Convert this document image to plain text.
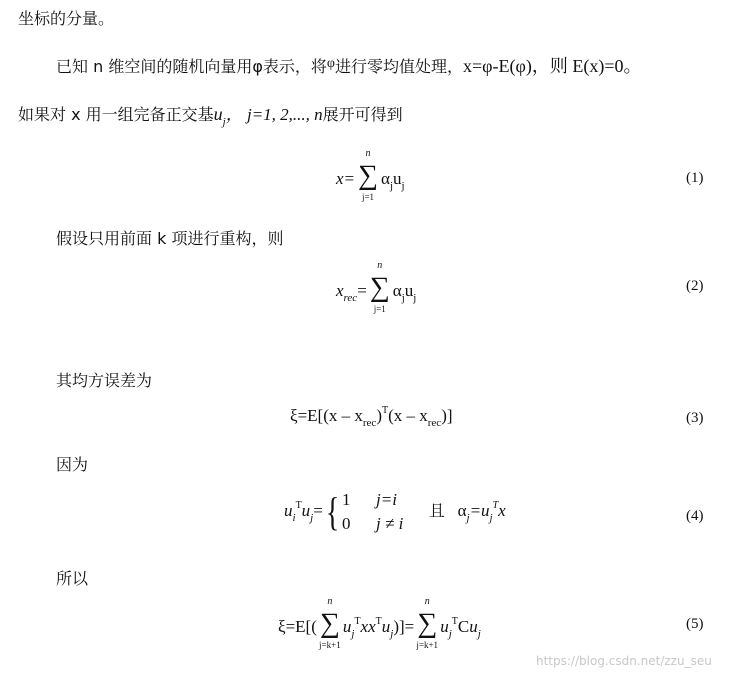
坐标的分量。
已知 n 维空间的随机向量用φ表示，将φ进行零均值处理，x=φ-E(φ)，则 E(x)=0。
如果对 x 用一组完备正交基$u_j$， j=1, 2,..., n展开可得到
x=
n
∑
j=1
$\alpha_ju_j$	(1)
假设只用前面 k 项进行重构，则
$x_{rec}=$
n
∑
j=1
$\alpha_ju_j$
(2)
其均方误差为
$\xi=E[(x - x_{rec})^T(x - x_{rec})]$	(3)
因为
$u_i^Tu_j=${ 1 j=i
0 j ≠ i      且 $\alpha_j=u_j^Tx$	(4)
所以
ξ=E[(
n
∑
j=k+1
$u_j^Txx^Tu_j)]=$
n
∑
j=k+1
$u_j^TCu_j$
(5)
https://blog.csdn.net/zzu_seu
